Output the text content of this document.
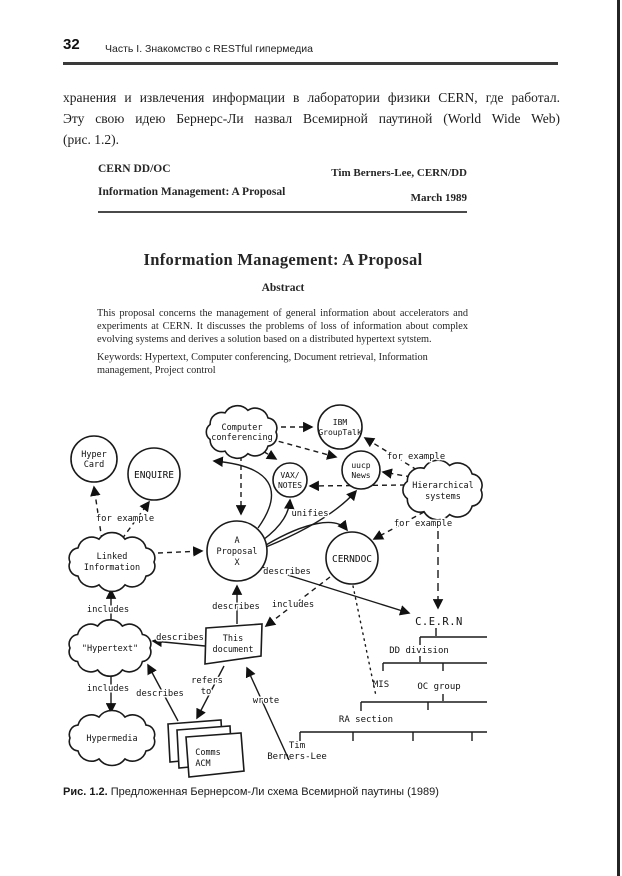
32 Часть I. Знакомство с RESTful гипермедиа
хранения и извлечения информации в лаборатории физики CERN, где работал.
Эту свою идею Бернерс-Ли назвал Всемирной паутиной (World Wide Web)
(рис. 1.2).
CERN DD/OC	Tim Berners-Lee, CERN/DD
Information Management: A Proposal	March 1989
Information Management: A Proposal
Abstract
This proposal concerns the management of general information about accelerators and experiments at CERN. It discusses the problems of loss of information about complex evolving systems and derives a solution based on a distributed hypertext sytstem.
Keywords: Hypertext, Computer conferencing, Document retrieval, Information management, Project control
Comms
ACM
Hyper
Card
ENQUIRE	VAX/
NOTES
IBM
GroupTalk
uucp
News
Computer
conferencing
Hierarchical
systems
A
Proposal
X	CERNDOC
Linked
Information
"Hypertext"
Hypermedia
This
document
for example
for example
for example
unifies
describes
describes
describes
describes
includes
includes
includes
refers
to
wrote
C.E.R.N
DD division
MIS	OC group
RA section
Tim
Berners-Lee
Рис. 1.2. Предложенная Бернерсом-Ли схема Всемирной паутины (1989)
